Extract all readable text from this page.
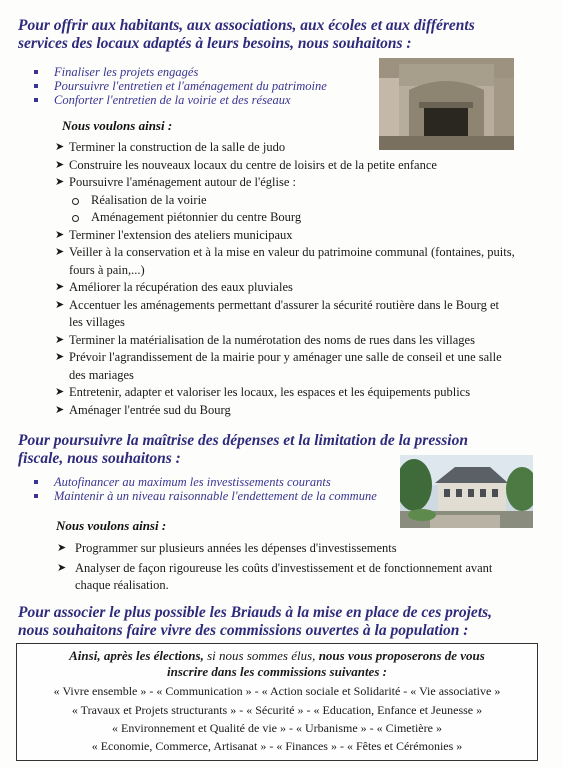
Pour offrir aux habitants, aux associations, aux écoles et aux différents
services des locaux adaptés à leurs besoins, nous souhaitons :
Finaliser les projets engagés
Poursuivre l'entretien et l'aménagement du patrimoine
Conforter l'entretien de la voirie et des réseaux
Nous voulons ainsi :
➤ Terminer la construction de la salle de judo
➤ Construire les nouveaux locaux du centre de loisirs et de la petite enfance
➤ Poursuivre l'aménagement autour de l'église :
Réalisation de la voirie
Aménagement piétonnier du centre Bourg
➤ Terminer l'extension des ateliers municipaux
➤ Veiller à la conservation et à la mise en valeur du patrimoine communal (fontaines, puits,
fours à pain,...)
➤ Améliorer la récupération des eaux pluviales
➤ Accentuer les aménagements permettant d'assurer la sécurité routière dans le Bourg et
les villages
➤ Terminer la matérialisation de la numérotation des noms de rues dans les villages
➤ Prévoir l'agrandissement de la mairie pour y aménager une salle de conseil et une salle
des mariages
➤ Entretenir, adapter et valoriser les locaux, les espaces et les équipements publics
➤ Aménager l'entrée sud du Bourg
Pour poursuivre la maîtrise des dépenses et la limitation de la pression
fiscale, nous souhaitons :
Autofinancer au maximum les investissements courants
Maintenir à un niveau raisonnable l'endettement de la commune
Nous voulons ainsi :
➤ Programmer sur plusieurs années les dépenses d'investissements
➤ Analyser de façon rigoureuse les coûts d'investissement et de fonctionnement avant
chaque réalisation.
Pour associer le plus possible les Briauds à la mise en place de ces projets,
nous souhaitons faire vivre des commissions ouvertes à la population :
Ainsi, après les élections, si nous sommes élus, nous vous proposerons de vous
inscrire dans les commissions suivantes :
« Vivre ensemble » - « Communication » - « Action sociale et Solidarité - « Vie associative »
« Travaux et Projets structurants » - « Sécurité » - « Education, Enfance et Jeunesse »
« Environnement et Qualité de vie » - « Urbanisme » - « Cimetière »
« Economie, Commerce, Artisanat » - « Finances » - « Fêtes et Cérémonies »
